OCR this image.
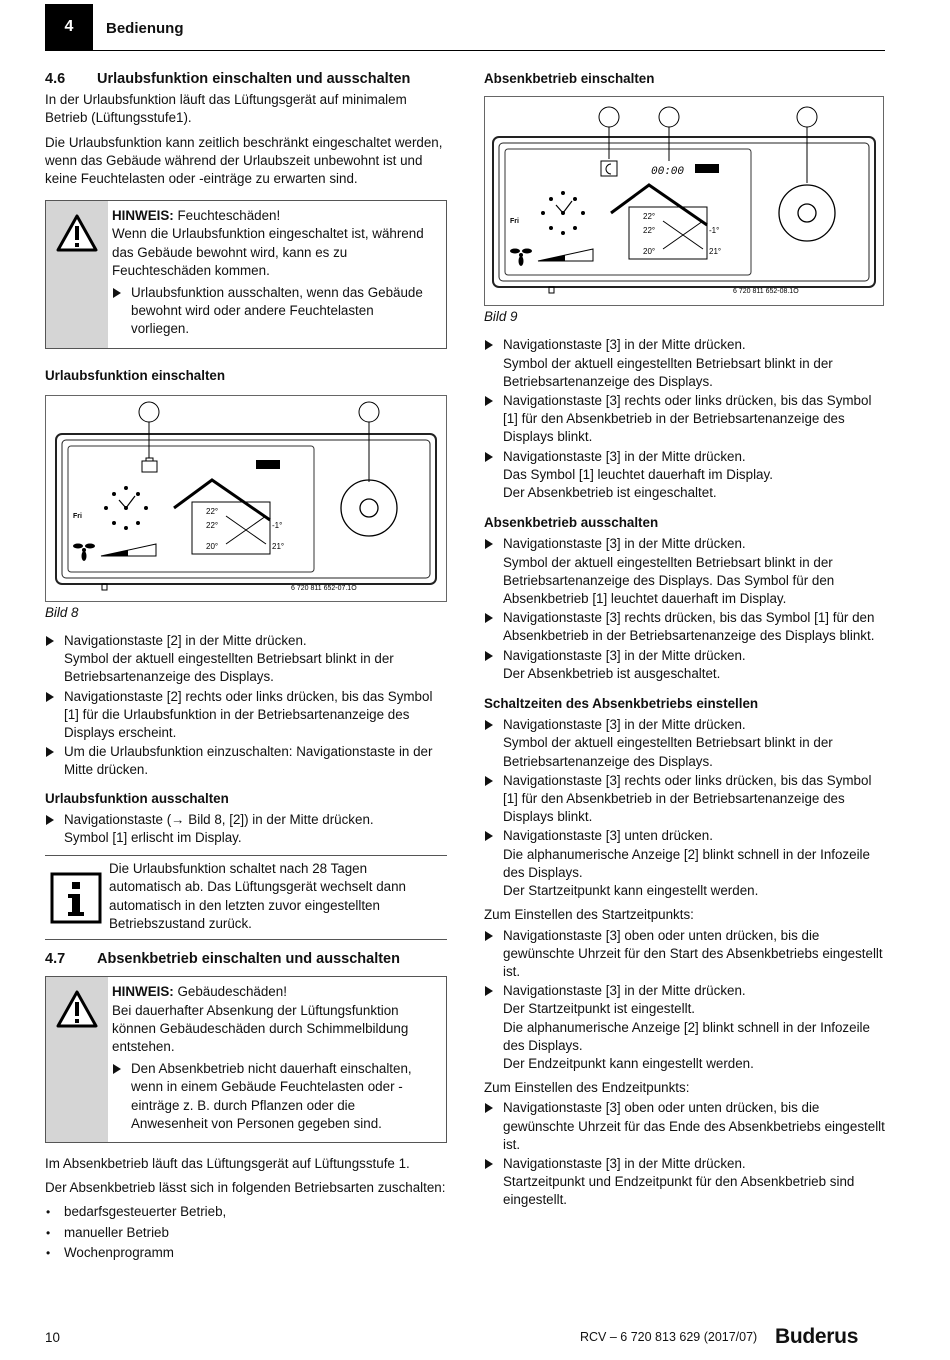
4	Bedienung
4.6	Urlaubsfunktion einschalten und ausschalten

In der Urlaubsfunktion läuft das Lüftungsgerät auf minimalem Betrieb (Lüftungsstufe1).

Die Urlaubsfunktion kann zeitlich beschränkt eingeschaltet werden, wenn das Gebäude während der Urlaubszeit unbewohnt ist und keine Feuchtelasten oder -einträge zu erwarten sind.

HINWEIS: Feuchteschäden!
Wenn die Urlaubsfunktion eingeschaltet ist, während das Gebäude bewohnt wird, kann es zu Feuchteschäden kommen.
Urlaubsfunktion ausschalten, wenn das Gebäude bewohnt wird oder andere Feuchtelasten vorliegen.
Urlaubsfunktion einschalten
Fri
22°
22°
20°
-1°
21°
6 720 811 652-07.1O
Bild 8
Navigationstaste [2] in der Mitte drücken.
Symbol der aktuell eingestellten Betriebsart blinkt in der Betriebsartenanzeige des Displays.
Navigationstaste [2] rechts oder links drücken, bis das Symbol [1] für die Urlaubsfunktion in der Betriebsartenanzeige des Displays erscheint.
Um die Urlaubsfunktion einzuschalten: Navigationstaste in der Mitte drücken.
Urlaubsfunktion ausschalten
Navigationstaste (→ Bild 8, [2]) in der Mitte drücken.
Symbol [1] erlischt im Display.
Die Urlaubsfunktion schaltet nach 28 Tagen automatisch ab. Das Lüftungsgerät wechselt dann automatisch in den letzten zuvor eingestellten Betriebszustand zurück.
4.7	Absenkbetrieb einschalten und ausschalten
HINWEIS: Gebäudeschäden!
Bei dauerhafter Absenkung der Lüftungsfunktion können Gebäudeschäden durch Schimmelbildung entstehen.
Den Absenkbetrieb nicht dauerhaft einschalten, wenn in einem Gebäude Feuchtelasten oder -einträge z. B. durch Pflanzen oder die Anwesenheit von Personen gegeben sind.

Im Absenkbetrieb läuft das Lüftungsgerät auf Lüftungsstufe 1.

Der Absenkbetrieb lässt sich in folgenden Betriebsarten zuschalten:

• bedarfsgesteuerter Betrieb,
• manueller Betrieb
• Wochenprogramm
Absenkbetrieb einschalten
00:00
Fri
22°
22°
20°
-1°
21°
6 720 811 652-08.1O
Bild 9
Navigationstaste [3] in der Mitte drücken.
Symbol der aktuell eingestellten Betriebsart blinkt in der Betriebsartenanzeige des Displays.
Navigationstaste [3] rechts oder links drücken, bis das Symbol [1] für den Absenkbetrieb in der Betriebsartenanzeige des Displays blinkt.
Navigationstaste [3] in der Mitte drücken.
Das Symbol [1] leuchtet dauerhaft im Display.
Der Absenkbetrieb ist eingeschaltet.
Absenkbetrieb ausschalten
Navigationstaste [3] in der Mitte drücken.
Symbol der aktuell eingestellten Betriebsart blinkt in der Betriebsartenanzeige des Displays. Das Symbol für den Absenkbetrieb [1] leuchtet dauerhaft im Display.
Navigationstaste [3] rechts drücken, bis das Symbol [1] für den Absenkbetrieb in der Betriebsartenanzeige des Displays blinkt.
Navigationstaste [3] in der Mitte drücken.
Der Absenkbetrieb ist ausgeschaltet.
Schaltzeiten des Absenkbetriebs einstellen
Navigationstaste [3] in der Mitte drücken.
Symbol der aktuell eingestellten Betriebsart blinkt in der Betriebsartenanzeige des Displays.
Navigationstaste [3] rechts oder links drücken, bis das Symbol [1] für den Absenkbetrieb in der Betriebsartenanzeige des Displays blinkt.
Navigationstaste [3] unten drücken.
Die alphanumerische Anzeige [2] blinkt schnell in der Infozeile des Displays.
Der Startzeitpunkt kann eingestellt werden.

Zum Einstellen des Startzeitpunkts:

Navigationstaste [3] oben oder unten drücken, bis die gewünschte Uhrzeit für den Start des Absenkbetriebs eingestellt ist.
Navigationstaste [3] in der Mitte drücken.
Der Startzeitpunkt ist eingestellt.
Die alphanumerische Anzeige [2] blinkt schnell in der Infozeile des Displays.
Der Endzeitpunkt kann eingestellt werden.

Zum Einstellen des Endzeitpunkts:

Navigationstaste [3] oben oder unten drücken, bis die gewünschte Uhrzeit für das Ende des Absenkbetriebs eingestellt ist.
Navigationstaste [3] in der Mitte drücken.
Startzeitpunkt und Endzeitpunkt für den Absenkbetrieb sind eingestellt.
10	RCV – 6 720 813 629 (2017/07) Buderus
